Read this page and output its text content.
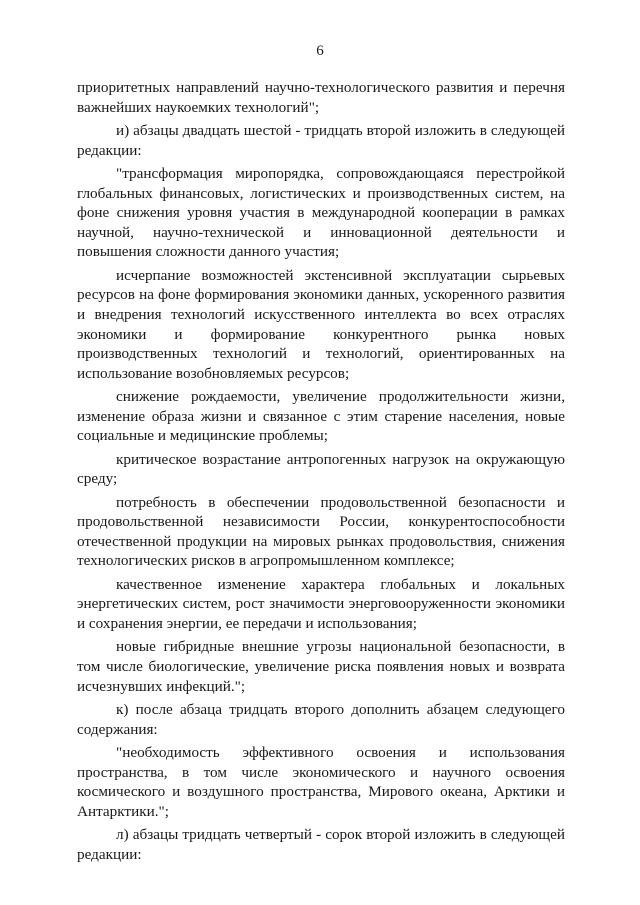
6

приоритетных направлений научно-технологического развития и перечня важнейших наукоемких технологий";

и) абзацы двадцать шестой - тридцать второй изложить в следующей редакции:

"трансформация миропорядка, сопровождающаяся перестройкой глобальных финансовых, логистических и производственных систем, на фоне снижения уровня участия в международной кооперации в рамках научной, научно-технической и инновационной деятельности и повышения сложности данного участия;

исчерпание возможностей экстенсивной эксплуатации сырьевых ресурсов на фоне формирования экономики данных, ускоренного развития и внедрения технологий искусственного интеллекта во всех отраслях экономики и формирование конкурентного рынка новых производственных технологий и технологий, ориентированных на использование возобновляемых ресурсов;

снижение рождаемости, увеличение продолжительности жизни, изменение образа жизни и связанное с этим старение населения, новые социальные и медицинские проблемы;

критическое возрастание антропогенных нагрузок на окружающую среду;

потребность в обеспечении продовольственной безопасности и продовольственной независимости России, конкурентоспособности отечественной продукции на мировых рынках продовольствия, снижения технологических рисков в агропромышленном комплексе;

качественное изменение характера глобальных и локальных энергетических систем, рост значимости энерговооруженности экономики и сохранения энергии, ее передачи и использования;

новые гибридные внешние угрозы национальной безопасности, в том числе биологические, увеличение риска появления новых и возврата исчезнувших инфекций.";

к) после абзаца тридцать второго дополнить абзацем следующего содержания:

"необходимость эффективного освоения и использования пространства, в том числе экономического и научного освоения космического и воздушного пространства, Мирового океана, Арктики и Антарктики.";

л) абзацы тридцать четвертый - сорок второй изложить в следующей редакции:
